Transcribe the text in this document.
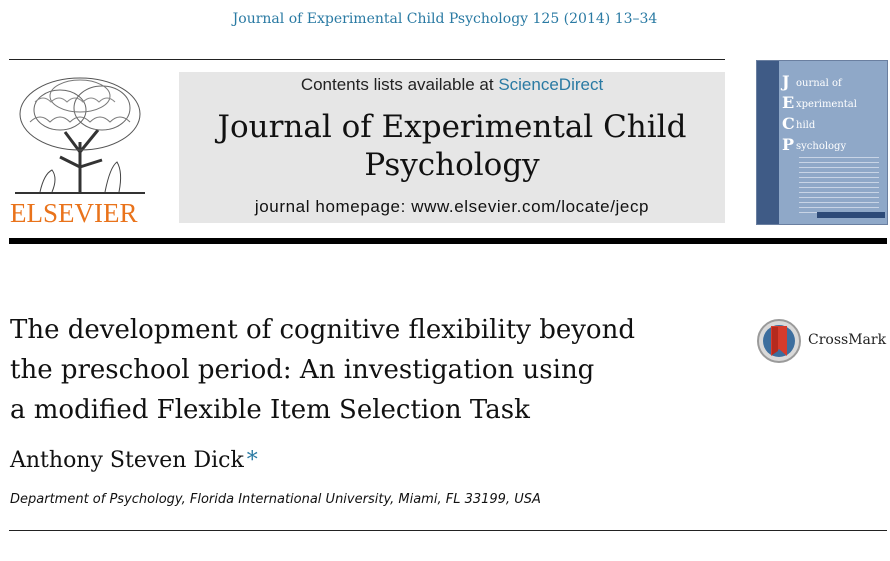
Journal of Experimental Child Psychology 125 (2014) 13–34
ELSEVIER
Contents lists available at ScienceDirect
Journal of Experimental Child
Psychology
journal homepage: www.elsevier.com/locate/jecp
J
E
C
P
ournal of
xperimental
hild
sychology
The development of cognitive flexibility beyond
the preschool period: An investigation using
a modified Flexible Item Selection Task
CrossMark
Anthony Steven Dick *
Department of Psychology, Florida International University, Miami, FL 33199, USA
